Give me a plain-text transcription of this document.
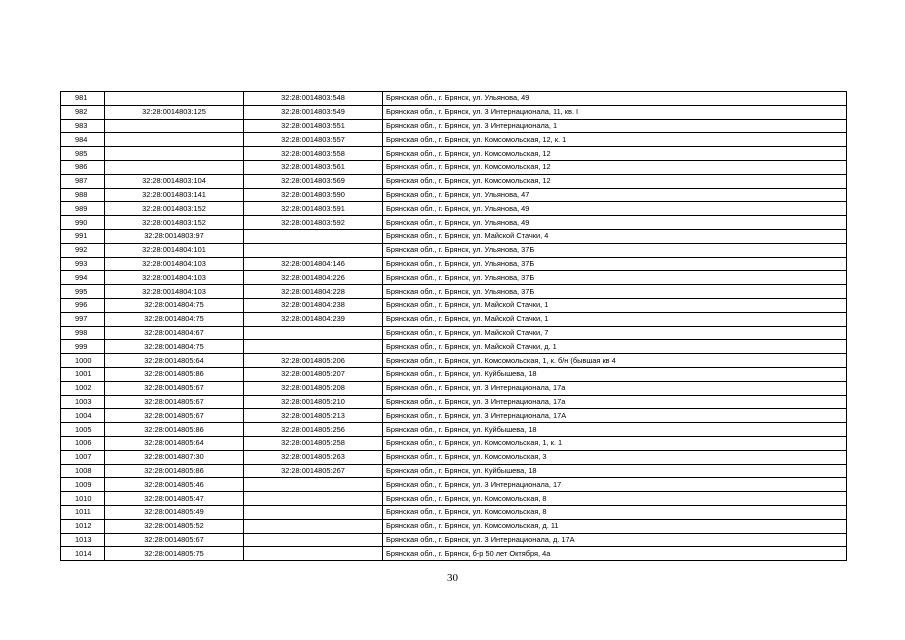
981		32:28:0014803:548	Брянская обл., г. Брянск, ул. Ульянова, 49
982	32:28:0014803:125	32:28:0014803:549	Брянская обл., г. Брянск, ул. 3 Интернационала, 11, кв. I
983		32:28:0014803:551	Брянская обл., г. Брянск, ул. 3 Интернационала, 1
984		32:28:0014803:557	Брянская обл., г. Брянск, ул. Комсомольская, 12, к. 1
985		32:28:0014803:558	Брянская обл., г. Брянск, ул. Комсомольская, 12
986		32:28:0014803:561	Брянская обл., г. Брянск, ул. Комсомольская, 12
987	32:28:0014803:104	32:28:0014803:569	Брянская обл., г. Брянск, ул. Комсомольская, 12
988	32:28:0014803:141	32:28:0014803:590	Брянская обл., г. Брянск, ул. Ульянова, 47
989	32:28:0014803:152	32:28:0014803:591	Брянская обл., г. Брянск, ул. Ульянова, 49
990	32:28:0014803:152	32:28:0014803:592	Брянская обл., г. Брянск, ул. Ульянова, 49
991	32:28:0014803:97		Брянская обл., г. Брянск, ул. Майской Стачки, 4
992	32:28:0014804:101		Брянская обл., г. Брянск, ул. Ульянова, 37Б
993	32:28:0014804:103	32:28:0014804:146	Брянская обл., г. Брянск, ул. Ульянова, 37Б
994	32:28:0014804:103	32:28:0014804:226	Брянская обл., г. Брянск, ул. Ульянова, 37Б
995	32:28:0014804:103	32:28:0014804:228	Брянская обл., г. Брянск, ул. Ульянова, 37Б
996	32:28:0014804:75	32:28:0014804:238	Брянская обл., г. Брянск, ул. Майской Стачки, 1
997	32:28:0014804:75	32:28:0014804:239	Брянская обл., г. Брянск, ул. Майской Стачки, 1
998	32:28:0014804:67		Брянская обл., г. Брянск, ул. Майской Стачки, 7
999	32:28:0014804:75		Брянская обл., г. Брянск, ул. Майской Стачки, д. 1
1000	32:28:0014805:64	32:28:0014805:206	Брянская обл., г. Брянск, ул. Комсомольская, 1, к. б/н (бывшая кв 4
1001	32:28:0014805:86	32:28:0014805:207	Брянская обл., г. Брянск, ул. Куйбышева, 18
1002	32:28:0014805:67	32:28:0014805:208	Брянская обл., г. Брянск, ул. 3 Интернационала, 17а
1003	32:28:0014805:67	32:28:0014805:210	Брянская обл., г. Брянск, ул. 3 Интернационала, 17а
1004	32:28:0014805:67	32:28:0014805:213	Брянская обл., г. Брянск, ул. 3 Интернационала, 17А
1005	32:28:0014805:86	32:28:0014805:256	Брянская обл., г. Брянск, ул. Куйбышева, 18
1006	32:28:0014805:64	32:28:0014805:258	Брянская обл., г. Брянск, ул. Комсомольская, 1, к. 1
1007	32:28:0014807:30	32:28:0014805:263	Брянская обл., г. Брянск, ул. Комсомольская, 3
1008	32:28:0014805:86	32:28:0014805:267	Брянская обл., г. Брянск, ул. Куйбышева, 18
1009	32:28:0014805:46		Брянская обл., г. Брянск, ул. 3 Интернационала, 17
1010	32:28:0014805:47		Брянская обл., г. Брянск, ул. Комсомольская, 8
1011	32:28:0014805:49		Брянская обл., г. Брянск, ул. Комсомольская, 8
1012	32:28:0014805:52		Брянская обл., г. Брянск, ул. Комсомольская, д. 11
1013	32:28:0014805:67		Брянская обл., г. Брянск, ул. 3 Интернационала, д. 17А
1014	32:28:0014805:75		Брянская обл., г. Брянск, б-р 50 лет Октября, 4а
30
